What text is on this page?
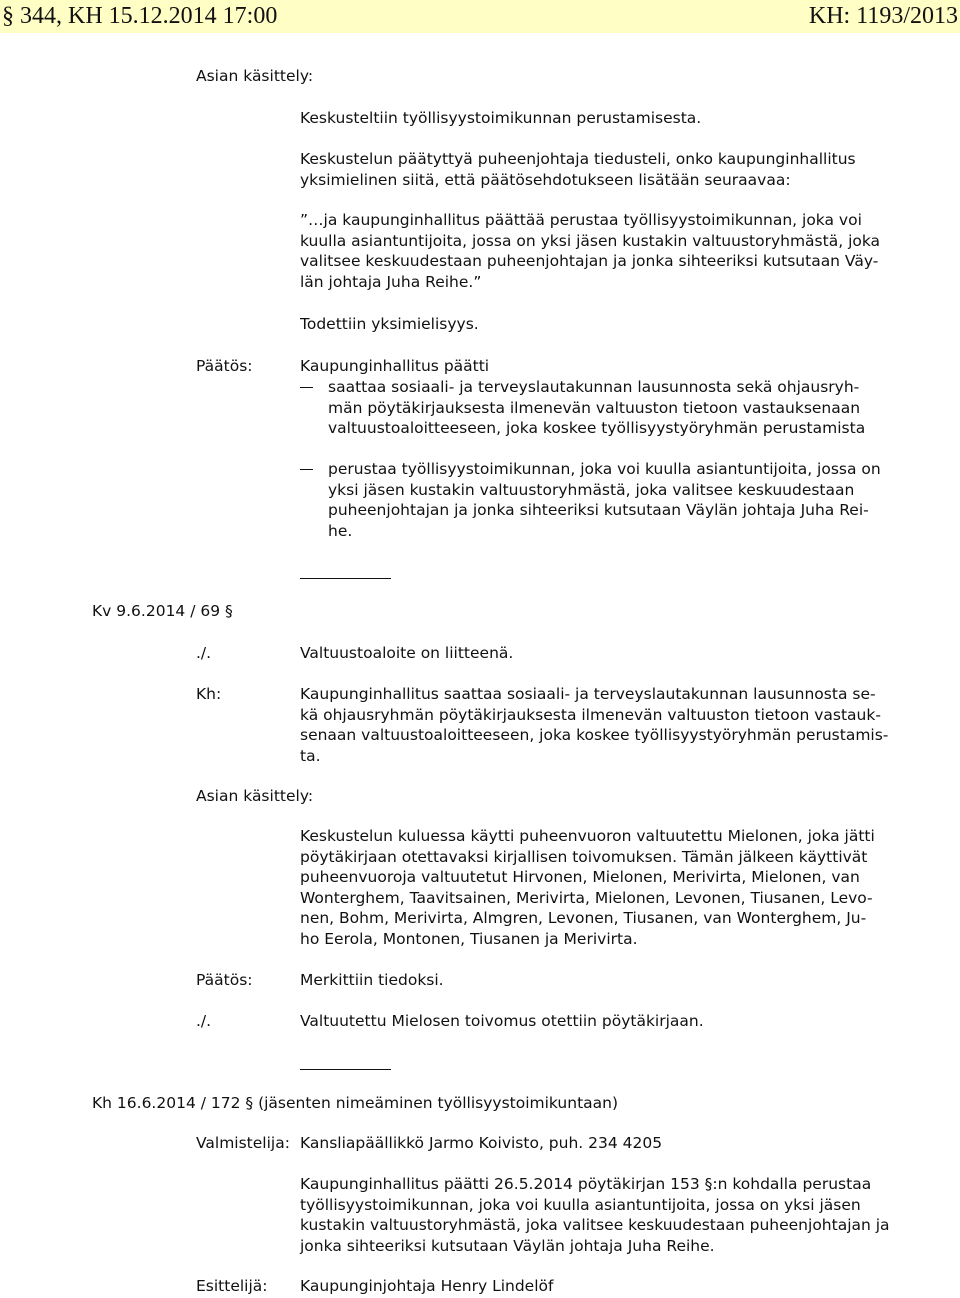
§ 344, KH 15.12.2014 17:00	KH: 1193/2013
Asian käsittely:
Keskusteltiin työllisyystoimikunnan perustamisesta.
Keskustelun päätyttyä puheenjohtaja tiedusteli, onko kaupunginhallitus
yksimielinen siitä, että päätösehdotukseen lisätään seuraavaa:
”…ja kaupunginhallitus päättää perustaa työllisyystoimikunnan, joka voi
kuulla asiantuntijoita, jossa on yksi jäsen kustakin valtuustoryhmästä, joka
valitsee keskuudestaan puheenjohtajan ja jonka sihteeriksi kutsutaan Väy-
län johtaja Juha Reihe.”
Todettiin yksimielisyys.
Päätös:	Kaupunginhallitus päätti
saattaa sosiaali- ja terveyslautakunnan lausunnosta sekä ohjausryh-
män pöytäkirjauksesta ilmenevän valtuuston tietoon vastauksenaan
valtuustoaloitteeseen, joka koskee työllisyystyöryhmän perustamista
perustaa työllisyystoimikunnan, joka voi kuulla asiantuntijoita, jossa on
yksi jäsen kustakin valtuustoryhmästä, joka valitsee keskuudestaan
puheenjohtajan ja jonka sihteeriksi kutsutaan Väylän johtaja Juha Rei-
he.
Kv 9.6.2014 / 69 §
./.	Valtuustoaloite on liitteenä.
Kh:	Kaupunginhallitus saattaa sosiaali- ja terveyslautakunnan lausunnosta se-
kä ohjausryhmän pöytäkirjauksesta ilmenevän valtuuston tietoon vastauk-
senaan valtuustoaloitteeseen, joka koskee työllisyystyöryhmän perustamis-
ta.
Asian käsittely:
Keskustelun kuluessa käytti puheenvuoron valtuutettu Mielonen, joka jätti
pöytäkirjaan otettavaksi kirjallisen toivomuksen. Tämän jälkeen käyttivät
puheenvuoroja valtuutetut Hirvonen, Mielonen, Merivirta, Mielonen, van
Wonterghem, Taavitsainen, Merivirta, Mielonen, Levonen, Tiusanen, Levo-
nen, Bohm, Merivirta, Almgren, Levonen, Tiusanen, van Wonterghem, Ju-
ho Eerola, Montonen, Tiusanen ja Merivirta.
Päätös:	Merkittiin tiedoksi.
./.	Valtuutettu Mielosen toivomus otettiin pöytäkirjaan.
Kh 16.6.2014 / 172 § (jäsenten nimeäminen työllisyystoimikuntaan)
Valmistelija: Kansliapäällikkö Jarmo Koivisto, puh. 234 4205
Kaupunginhallitus päätti 26.5.2014 pöytäkirjan 153 §:n kohdalla perustaa
työllisyystoimikunnan, joka voi kuulla asiantuntijoita, jossa on yksi jäsen
kustakin valtuustoryhmästä, joka valitsee keskuudestaan puheenjohtajan ja
jonka sihteeriksi kutsutaan Väylän johtaja Juha Reihe.
Esittelijä: Kaupunginjohtaja Henry Lindelöf
